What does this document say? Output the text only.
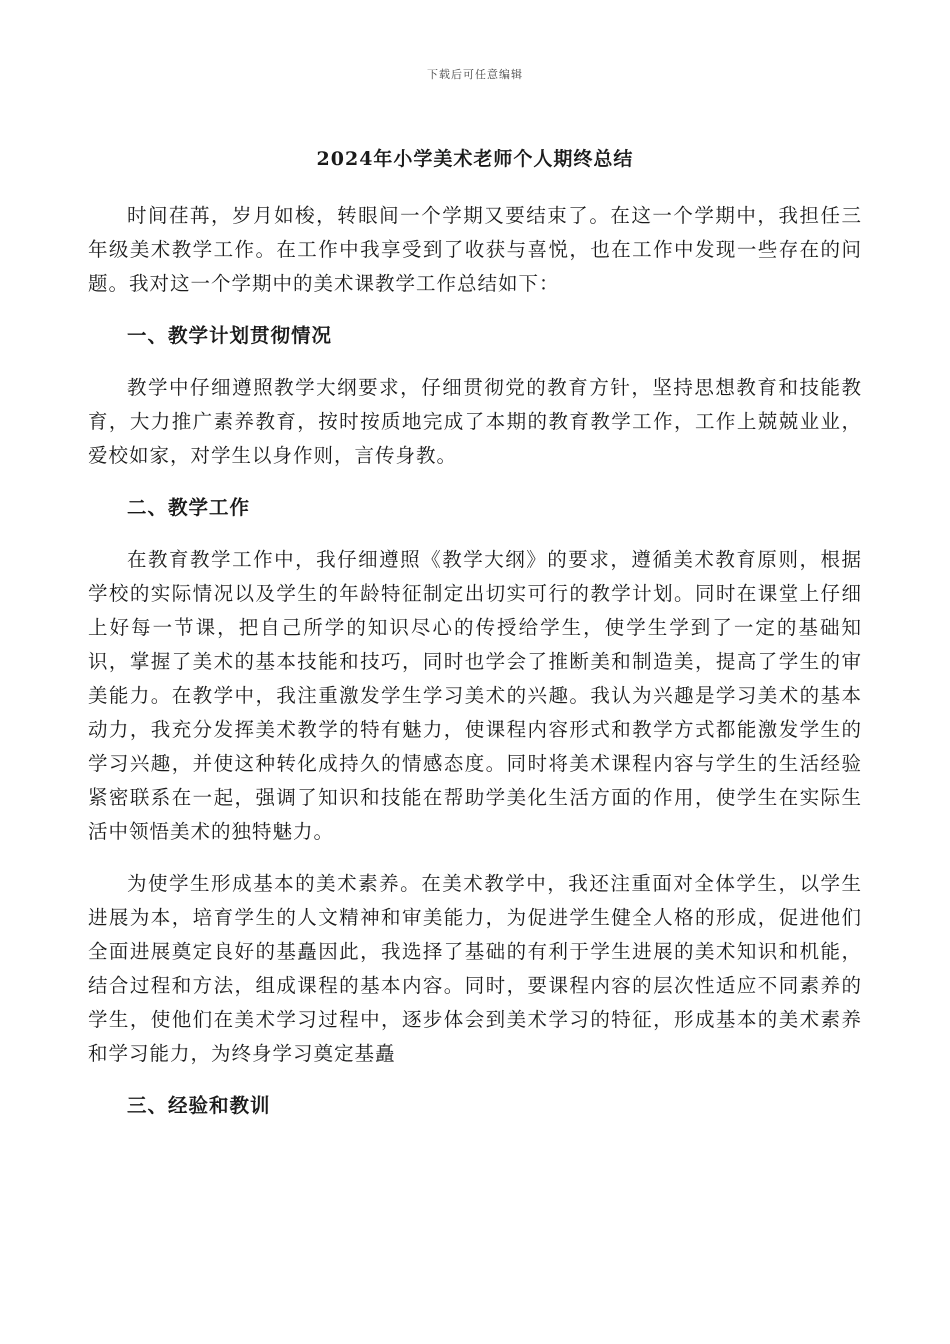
下载后可任意编辑
2024年小学美术老师个人期终总结

时间荏苒，岁月如梭，转眼间一个学期又要结束了。在这一个学期中，我担任三年级美术教学工作。在工作中我享受到了收获与喜悦，也在工作中发现一些存在的问题。我对这一个学期中的美术课教学工作总结如下：

一、教学计划贯彻情况

教学中仔细遵照教学大纲要求，仔细贯彻党的教育方针，坚持思想教育和技能教育，大力推广素养教育，按时按质地完成了本期的教育教学工作，工作上兢兢业业，爱校如家，对学生以身作则，言传身教。

二、教学工作

在教育教学工作中，我仔细遵照《教学大纲》的要求，遵循美术教育原则，根据学校的实际情况以及学生的年龄特征制定出切实可行的教学计划。同时在课堂上仔细上好每一节课，把自己所学的知识尽心的传授给学生，使学生学到了一定的基础知识，掌握了美术的基本技能和技巧，同时也学会了推断美和制造美，提高了学生的审美能力。在教学中，我注重激发学生学习美术的兴趣。我认为兴趣是学习美术的基本动力，我充分发挥美术教学的特有魅力，使课程内容形式和教学方式都能激发学生的学习兴趣，并使这种转化成持久的情感态度。同时将美术课程内容与学生的生活经验紧密联系在一起，强调了知识和技能在帮助学美化生活方面的作用，使学生在实际生活中领悟美术的独特魅力。

为使学生形成基本的美术素养。在美术教学中，我还注重面对全体学生，以学生进展为本，培育学生的人文精神和审美能力，为促进学生健全人格的形成，促进他们全面进展奠定良好的基矗因此，我选择了基础的有利于学生进展的美术知识和机能，结合过程和方法，组成课程的基本内容。同时，要课程内容的层次性适应不同素养的学生，使他们在美术学习过程中，逐步体会到美术学习的特征，形成基本的美术素养和学习能力，为终身学习奠定基矗

三、经验和教训
